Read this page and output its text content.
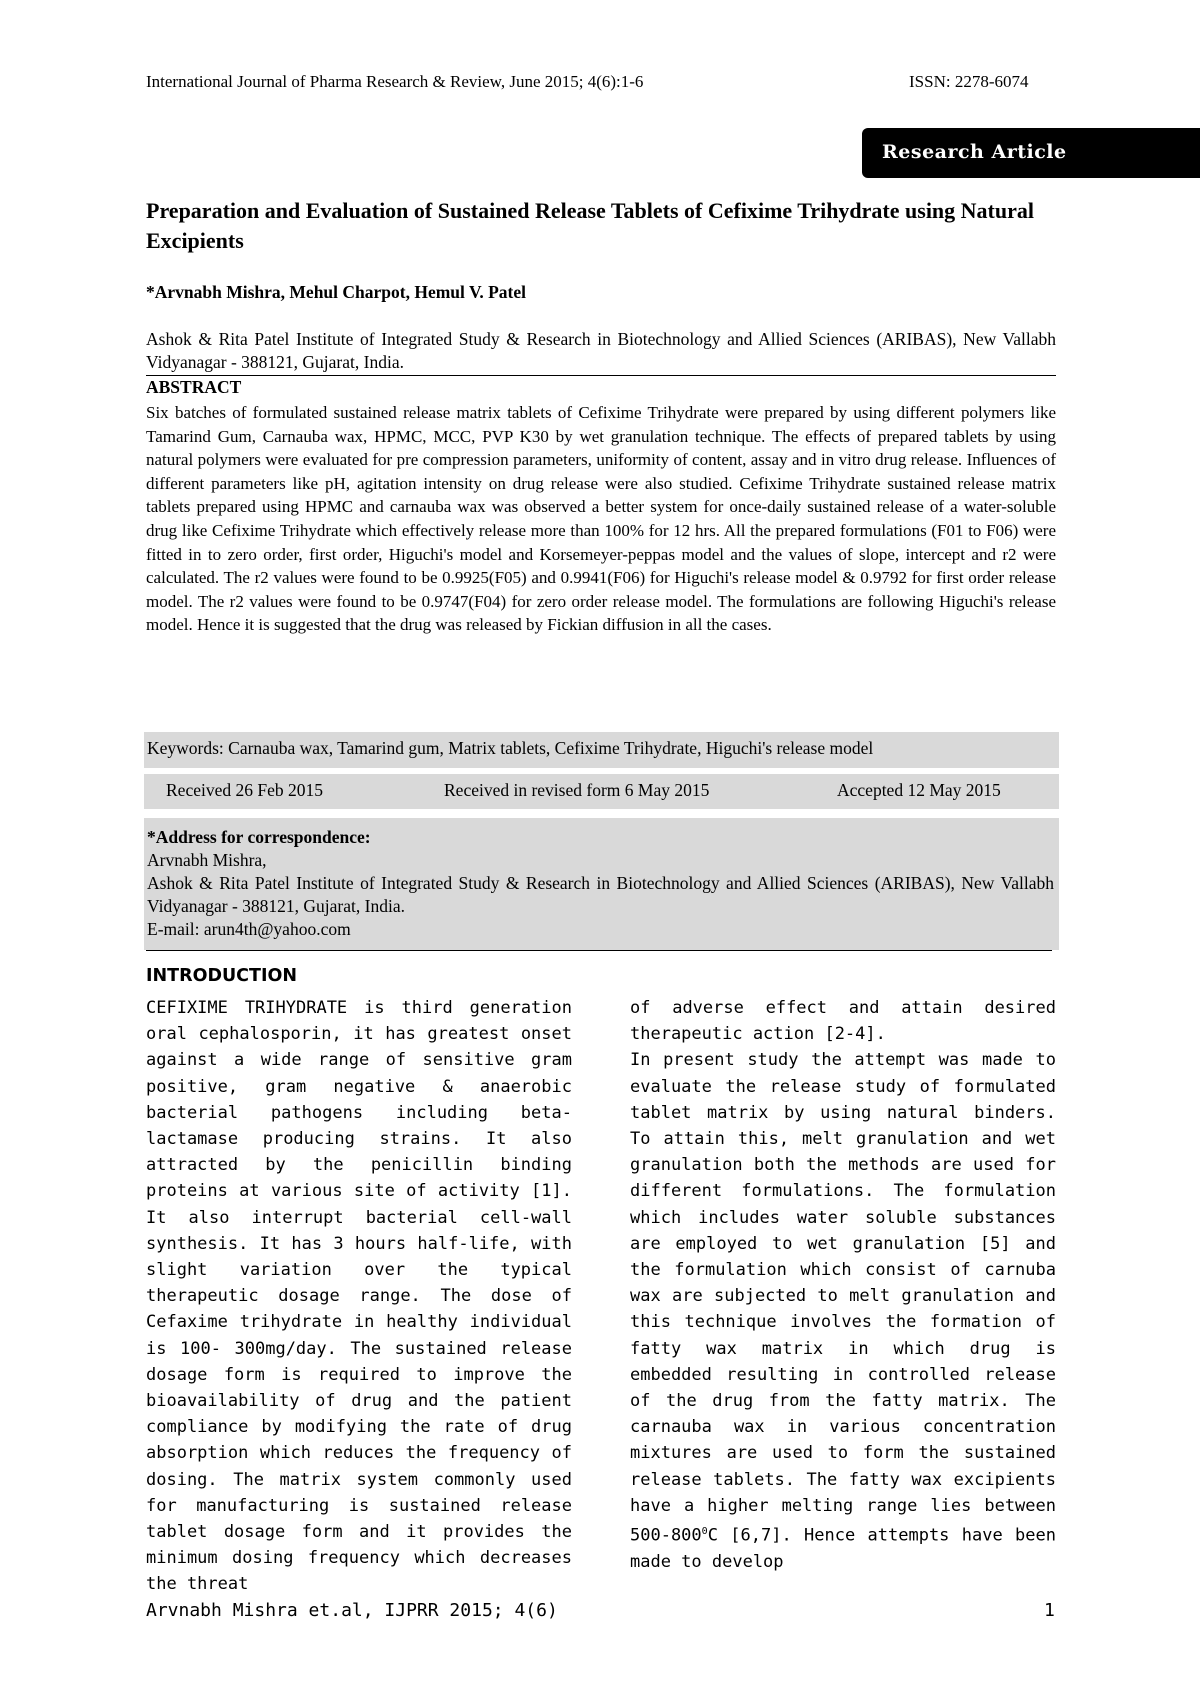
International Journal of Pharma Research & Review, June 2015; 4(6):1-6	ISSN: 2278-6074
Research Article
Preparation and Evaluation of Sustained Release Tablets of Cefixime Trihydrate using Natural Excipients
*Arvnabh Mishra, Mehul Charpot, Hemul V. Patel
Ashok & Rita Patel Institute of Integrated Study & Research in Biotechnology and Allied Sciences (ARIBAS), New Vallabh Vidyanagar - 388121, Gujarat, India.
ABSTRACT
Six batches of formulated sustained release matrix tablets of Cefixime Trihydrate were prepared by using different polymers like Tamarind Gum, Carnauba wax, HPMC, MCC, PVP K30 by wet granulation technique. The effects of prepared tablets by using natural polymers were evaluated for pre compression parameters, uniformity of content, assay and in vitro drug release. Influences of different parameters like pH, agitation intensity on drug release were also studied. Cefixime Trihydrate sustained release matrix tablets prepared using HPMC and carnauba wax was observed a better system for once-daily sustained release of a water-soluble drug like Cefixime Trihydrate which effectively release more than 100% for 12 hrs. All the prepared formulations (F01 to F06) were fitted in to zero order, first order, Higuchi's model and Korsemeyer-peppas model and the values of slope, intercept and r2 were calculated. The r2 values were found to be 0.9925(F05) and 0.9941(F06) for Higuchi's release model & 0.9792 for first order release model. The r2 values were found to be 0.9747(F04) for zero order release model. The formulations are following Higuchi's release model. Hence it is suggested that the drug was released by Fickian diffusion in all the cases.
Keywords: Carnauba wax, Tamarind gum, Matrix tablets, Cefixime Trihydrate, Higuchi's release model
Received 26 Feb 2015	Received in revised form 6 May 2015	Accepted 12 May 2015
*Address for correspondence:
Arvnabh Mishra,
Ashok & Rita Patel Institute of Integrated Study & Research in Biotechnology and Allied Sciences (ARIBAS), New Vallabh Vidyanagar - 388121, Gujarat, India.
E-mail: arun4th@yahoo.com
INTRODUCTION
CEFIXIME TRIHYDRATE is third generation oral cephalosporin, it has greatest onset against a wide range of sensitive gram positive, gram negative & anaerobic bacterial pathogens including beta-lactamase producing strains. It also attracted by the penicillin binding proteins at various site of activity [1]. It also interrupt bacterial cell-wall synthesis. It has 3 hours half-life, with slight variation over the typical therapeutic dosage range. The dose of Cefaxime trihydrate in healthy individual is 100- 300mg/day. The sustained release dosage form is required to improve the bioavailability of drug and the patient compliance by modifying the rate of drug absorption which reduces the frequency of dosing. The matrix system commonly used for manufacturing is sustained release tablet dosage form and it provides the minimum dosing frequency which decreases the threat
of adverse effect and attain desired therapeutic action [2-4].
In present study the attempt was made to evaluate the release study of formulated tablet matrix by using natural binders. To attain this, melt granulation and wet granulation both the methods are used for different formulations. The formulation which includes water soluble substances are employed to wet granulation [5] and the formulation which consist of carnuba wax are subjected to melt granulation and this technique involves the formation of fatty wax matrix in which drug is embedded resulting in controlled release of the drug from the fatty matrix. The carnauba wax in various concentration mixtures are used to form the sustained release tablets. The fatty wax excipients have a higher melting range lies between $500-800^0C$ [6,7]. Hence attempts have been made to develop
Arvnabh Mishra et.al, IJPRR 2015; 4(6)	1
